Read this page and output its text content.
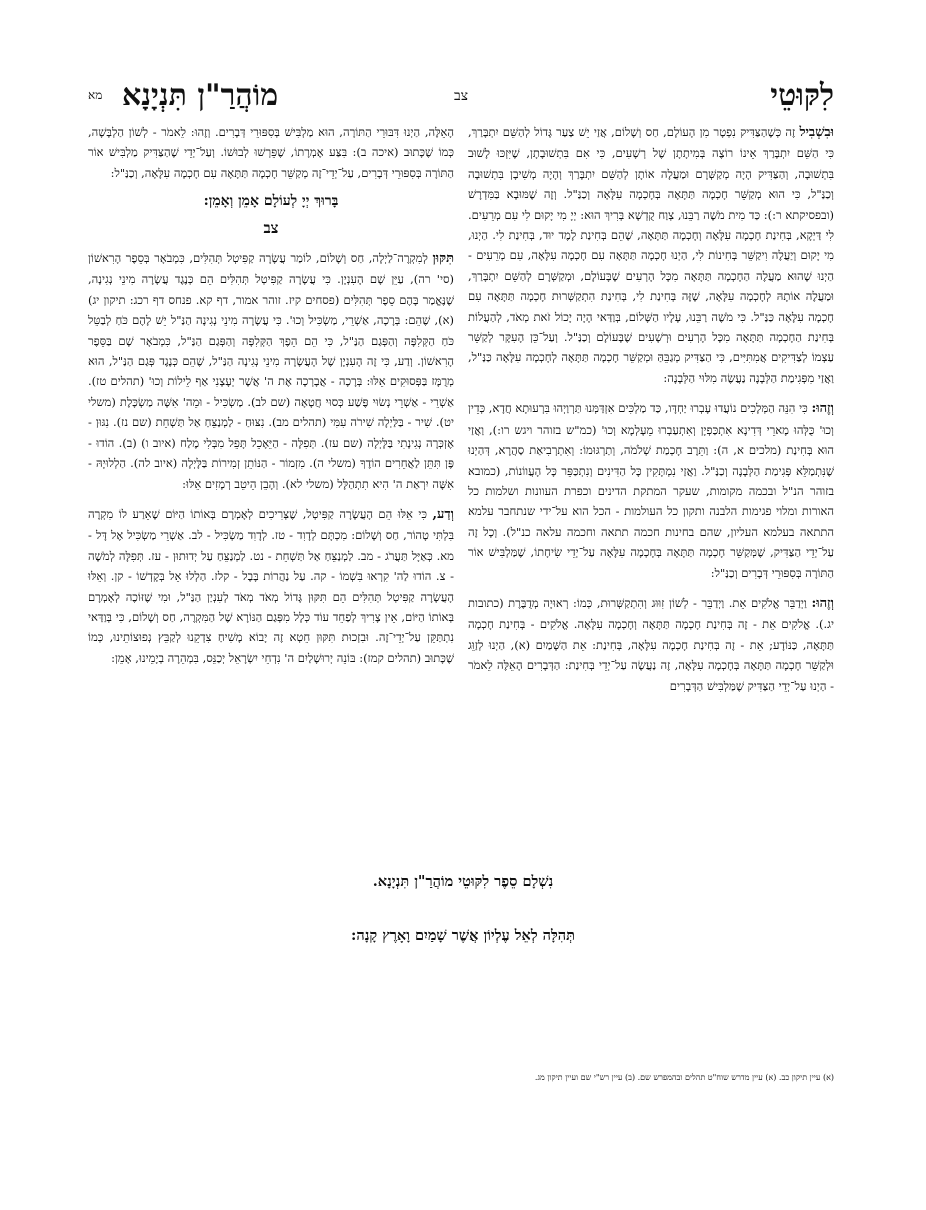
לִקּוּטֵי
צב
מוֹהֲרַ"ן תִּנְיָנָא
מא

וּבִשְׁבִיל זֶה כְּשֶׁהַצַּדִּיק נִפְטָר מִן הָעוֹלָם, חַס וְשָׁלוֹם, אֲזַי יֵשׁ צַעַר גָּדוֹל לְהַשֵּׁם יִתְבָּרַךְ, כִּי הַשֵּׁם יִתְבָּרַךְ אֵינוֹ רוֹצֶה בְּמִיתָתָן שֶׁל רְשָׁעִים, כִּי אִם בִּתְשׁוּבָתָן, שֶׁיִּזְכּוּ לָשׁוּב בִּתְשׁוּבָה, וְהַצַּדִּיק הָיָה מְקַשְּׁרָם וּמַעֲלָה אוֹתָן לְהַשֵּׁם יִתְבָּרַךְ וְהָיָה מְשִׁיבָן בִּתְשׁוּבָה וְכַנַּ"ל, כִּי הוּא מְקַשֵּׁר חָכְמָה תַּתָּאָה בְּחָכְמָה עִלָּאָה וְכַנַּ"ל. וְזֶה שֶׁמּוּבָא בַּמִּדְרָשׁ (ובפסיקתא ר:): כַּד מִית מֹשֶׁה רַבֵּנוּ, צְוַח קֻדְשָׁא בְּרִיךְ הוּא: יְיָ מִי יָקוּם לִי עִם מְרֵעִים. לִי דַּיְקָא, בְּחִינַת חָכְמָה עִלָּאָה וְחָכְמָה תַּתָּאָה, שֶׁהֵם בְּחִינַת לָמֶד יוּד, בְּחִינַת לִי. הַיְנוּ, מִי יָקוּם וְיַעֲלֶה וִיקַשֵּׁר בְּחִינוֹת לִי, הַיְנוּ חָכְמָה תַּתָּאָה עִם חָכְמָה עִלָּאָה, עִם מְרֵעִים - הַיְנוּ שֶׁהוּא מַעֲלֶה הַחָכְמָה תַּתָּאָה מִכָּל הָרְעִים שֶׁבָּעוֹלָם, וּמְקַשְּׁרָם לְהַשֵּׁם יִתְבָּרַךְ, וּמַעֲלֶה אוֹתָהּ לְחָכְמָה עִלָּאָה, שֶׁזֶּה בְּחִינַת לִי, בְּחִינַת הִתְקַשְּׁרוּת חָכְמָה תַּתָּאָה עִם חָכְמָה עִלָּאָה כַּנַּ"ל. כִּי מֹשֶׁה רַבֵּנוּ, עָלָיו הַשָּׁלוֹם, בְּוַדַּאי הָיָה יָכוֹל זֹאת מְאֹד, לְהַעֲלוֹת בְּחִינַת הַחָכְמָה תַּתָּאָה מִכָּל הָרְעִים וּרְשָׁעִים שֶׁבָּעוֹלָם וְכַנַּ"ל. וְעַל־כֵּן הָעִקָּר לְקַשֵּׁר עַצְמוֹ לְצַדִּיקִים אֲמִתִּיִּים, כִּי הַצַּדִּיק מְגַבֵּהַּ וּמְקַשֵּׁר חָכְמָה תַּתָּאָה לְחָכְמָה עִלָּאָה כַּנַּ"ל, וַאֲזַי מִפְּגִימַת הַלְּבָנָה נַעֲשֶׂה מִלּוּי הַלְּבָנָה:

וְזֶהוּ: כִּי הִנֵּה הַמְּלָכִים נוֹעֲדוּ עָבְרוּ יַחְדָּו, כַּד מַלְכִּים אִזְדַּמְּנוּ תַּרְוַיְהוּ בִּרְעוּתָא חֲדָא, כְּדֵין וְכוּ' כֻּלְּהוּ מָארֵי דְּדִינָא אִתְכַּפְיָן וְאִתְעַבְרוּ מֵעָלְמָא וְכוּ' (כמ"ש בזוהר ויגש רו:), וַאֲזַי הוּא בְּחִינַת (מלכים א, ה): וַתֵּרֶב חָכְמַת שְׁלֹמֹה, וְתַרְגּוּמוֹ: וְאִתְרְבִיאַת סַהֲרָא, דְּהַיְנוּ שֶׁנִּתְמַלֵּא פְּגִימַת הַלְּבָנָה וְכַנַּ"ל. וַאֲזַי נִמְתָּקִין כָּל הַדִּינִים וְנִתְכַּפֵּר כָּל הָעֲווֹנוֹת, (כמובא בזוהר הנ"ל ובכמה מקומות, שעקר המתקת הדינים וכפרת העוונות ושלמות כל האורות ומלוי פגימות הלבנה ותקון כל העולמות - הכל הוא על־ידי שנתחבר עלמא התתאה בעלמא העליון, שהם בחינות חכמה תתאה וחכמה עלאה כנ"ל). וְכָל זֶה עַל־יְדֵי הַצַּדִּיק, שֶׁמְּקַשֵּׁר חָכְמָה תַּתָּאָה בְּחָכְמָה עִלָּאָה עַל־יְדֵי שִׂיחָתוֹ, שֶׁמַּלְבִּישׁ אוֹר הַתּוֹרָה בְּסִפּוּרֵי דְּבָרִים וְכַנַּ"ל:

וְזֶהוּ: וַיְדַבֵּר אֱלֹקִים אֵת. וַיְדַבֵּר - לְשׁוֹן זִוּוּג וְהִתְקַשְּׁרוּת, כְּמוֹ: רְאוּיָה מְדֻבֶּרֶת (כתובות יג.). אֱלֹקִים אֵת - זֶה בְּחִינַת חָכְמָה תַּתָּאָה וְחָכְמָה עִלָּאָה. אֱלֹקִים - בְּחִינַת חָכְמָה תַּתָּאָה, כַּנּוֹדָע; אֵת - זֶה בְּחִינַת חָכְמָה עִלָּאָה, בְּחִינַת: אֵת הַשָּׁמַיִם (א), הַיְנוּ לְזַוֵּג וּלְקַשֵּׁר חָכְמָה תַּתָּאָה בְּחָכְמָה עִלָּאָה, זֶה נַעֲשֶׂה עַל־יְדֵי בְּחִינַת: הַדְּבָרִים הָאֵלֶּה לֵאמֹר - הַיְנוּ עַל־יְדֵי הַצַּדִּיק שֶׁמַּלְבִּישׁ הַדְּבָרִים

הָאֵלֶּה, הַיְנוּ דִּבּוּרֵי הַתּוֹרָה, הוּא מַלְבִּישׁ בְּסִפּוּרֵי דְּבָרִים. וְזֶהוּ: לֵאמֹר - לְשׁוֹן הַלְבָּשָׁה, כְּמוֹ שֶׁכָּתוּב (איכה ב): בִּצַּע אֶמְרָתוֹ, שֶׁפֵּרְשׁוּ לְבוּשׁוֹ. וְעַל־יְדֵי שֶׁהַצַּדִּיק מַלְבִּישׁ אוֹר הַתּוֹרָה בְּסִפּוּרֵי דְּבָרִים, עַל־יְדֵי־זֶה מְקַשֵּׁר חָכְמָה תַּתָּאָה עִם חָכְמָה עִלָּאָה, וְכַנַּ"ל:

בָּרוּךְ יְיָ לְעוֹלָם אָמֵן וְאָמֵן:
צב

תִּקּוּן לְמִקְרֶה־לַיְלָה, חַס וְשָׁלוֹם, לוֹמַר עֲשָׂרָה קַפִּיטְל תְּהִלִּים, כִּמְבֹאָר בְּסֵפֶר הָרִאשׁוֹן (סי' רה), עַיֵּן שָׁם הָעִנְיָן. כִּי עֲשָׂרָה קַפִּיטְל תְּהִלִּים הֵם כְּנֶגֶד עֲשָׂרָה מִינֵי נְגִינָה, שֶׁנֶּאֱמַר בָּהֶם סֵפֶר תְּהִלִּים (פסחים קיז. זוהר אמור, דף קא. פנחס דף רכג: תיקון יג) (א), שֶׁהֵם: בְּרָכָה, אַשְׁרֵי, מַשְׂכִּיל וְכוּ'. כִּי עֲשָׂרָה מִינֵי נְגִינָה הַנַּ"ל יֵשׁ לָהֶם כֹּחַ לְבַטֵּל כֹּחַ הַקְּלִפָּה וְהַפְּגַם הַנַּ"ל, כִּי הֵם הֵפֶךְ הַקְּלִפָּה וְהַפְּגַם הַנַּ"ל, כִּמְבֹאָר שָׁם בַּסֵּפֶר הָרִאשׁוֹן. וְדַע, כִּי זֶה הָעִנְיָן שֶׁל הָעֲשָׂרָה מִינֵי נְגִינָה הַנַּ"ל, שֶׁהֵם כְּנֶגֶד פְּגַם הַנַּ"ל, הוּא מְרֻמָּז בַּפְּסוּקִים אֵלּוּ: בְּרָכָה - אֲבָרְכָה אֶת ה' אֲשֶׁר יְעָצָנִי אַף לֵילוֹת וְכוּ' (תהלים טז). אַשְׁרֵי - אַשְׁרֵי נְשׂוּי פֶּשַׁע כְּסוּי חֲטָאָה (שם לב). מַשְׂכִּיל - וּמֵה' אִשָּׁה מַשְׂכָּלֶת (משלי יט). שִׁיר - בַּלַּיְלָה שִׁירֹה עִמִּי (תהלים מב). נִצּוּחַ - לַמְנַצֵּחַ אַל תַּשְׁחֵת (שם נז). נִגּוּן - אֶזְכְּרָה נְגִינָתִי בַּלָּיְלָה (שם עז). תְּפִלָּה - הַיֵּאָכֵל תָּפֵל מִבְּלִי מֶלַח (איוב ו) (ב). הוֹדוּ - פֶּן תִּתֵּן לַאֲחֵרִים הוֹדֶךָ (משלי ה). מִזְמוֹר - הַנּוֹתֵן זְמִירוֹת בַּלָּיְלָה (איוב לה). הַלְלוּיָהּ - אִשָּׁה יִרְאַת ה' הִיא תִתְהַלָּל (משלי לא). וְהָבֵן הֵיטֵב רְמָזִים אֵלּוּ:

וְדַע, כִּי אֵלּוּ הֵם הָעֲשָׂרָה קַפִּיטְל, שֶׁצְּרִיכִים לְאָמְרָם בְּאוֹתוֹ הַיּוֹם שֶׁאֵרַע לוֹ מִקְרֶה בִּלְתִּי טָהוֹר, חַס וְשָׁלוֹם: מִכְתָּם לְדָוִד - טז. לְדָוִד מַשְׂכִּיל - לב. אַשְׁרֵי מַשְׂכִּיל אֶל דָּל - מא. כְּאַיָּל תַּעֲרֹג - מב. לַמְנַצֵּחַ אַל תַּשְׁחֵת - נט. לַמְנַצֵּחַ עַל יְדוּתוּן - עז. תְּפִלָּה לְמֹשֶׁה - צ. הוֹדוּ לַה' קִרְאוּ בִּשְׁמוֹ - קה. עַל נַהֲרוֹת בָּבֶל - קלז. הַלְלוּ אֵל בְּקָדְשׁוֹ - קן. וְאֵלּוּ הָעֲשָׂרָה קַפִּיטְל תְּהִלִּים הֵם תִּקּוּן גָּדוֹל מְאֹד מְאֹד לְעִנְיַן הַנַּ"ל, וּמִי שֶׁזּוֹכֶה לְאָמְרָם בְּאוֹתוֹ הַיּוֹם, אֵין צָרִיךְ לְפַחֵד עוֹד כְּלָל מִפְּגַם הַנּוֹרָא שֶׁל הַמִּקְרֶה, חַס וְשָׁלוֹם, כִּי בְּוַדַּאי נִתְתַּקֵּן עַל־יְדֵי־זֶה. וּבִזְכוּת תִּקּוּן חֵטְא זֶה יָבוֹא מָשִׁיחַ צִדְקֵנוּ לְקַבֵּץ נְפוּצוֹתֵינוּ, כְּמוֹ שֶׁכָּתוּב (תהלים קמז): בּוֹנֵה יְרוּשָׁלַיִם ה' נִדְחֵי יִשְׂרָאֵל יְכַנֵּס, בִּמְהֵרָה בְיָמֵינוּ, אָמֵן:

נִשְׁלָם סֵפֶר לִקּוּטֵי מוֹהֲרַ"ן תִּנְיָנָא.
תְּהִלָּה לְאֵל עֶלְיוֹן אֲשֶׁר שָׁמַיִם וָאָרֶץ קָנָה:
(א) עיין תיקון כב. (א) עיין מדרש שוח"ט תהלים ובהמפרש שם. (ב) עיין רש"י שם ועיין תיקון מג.
